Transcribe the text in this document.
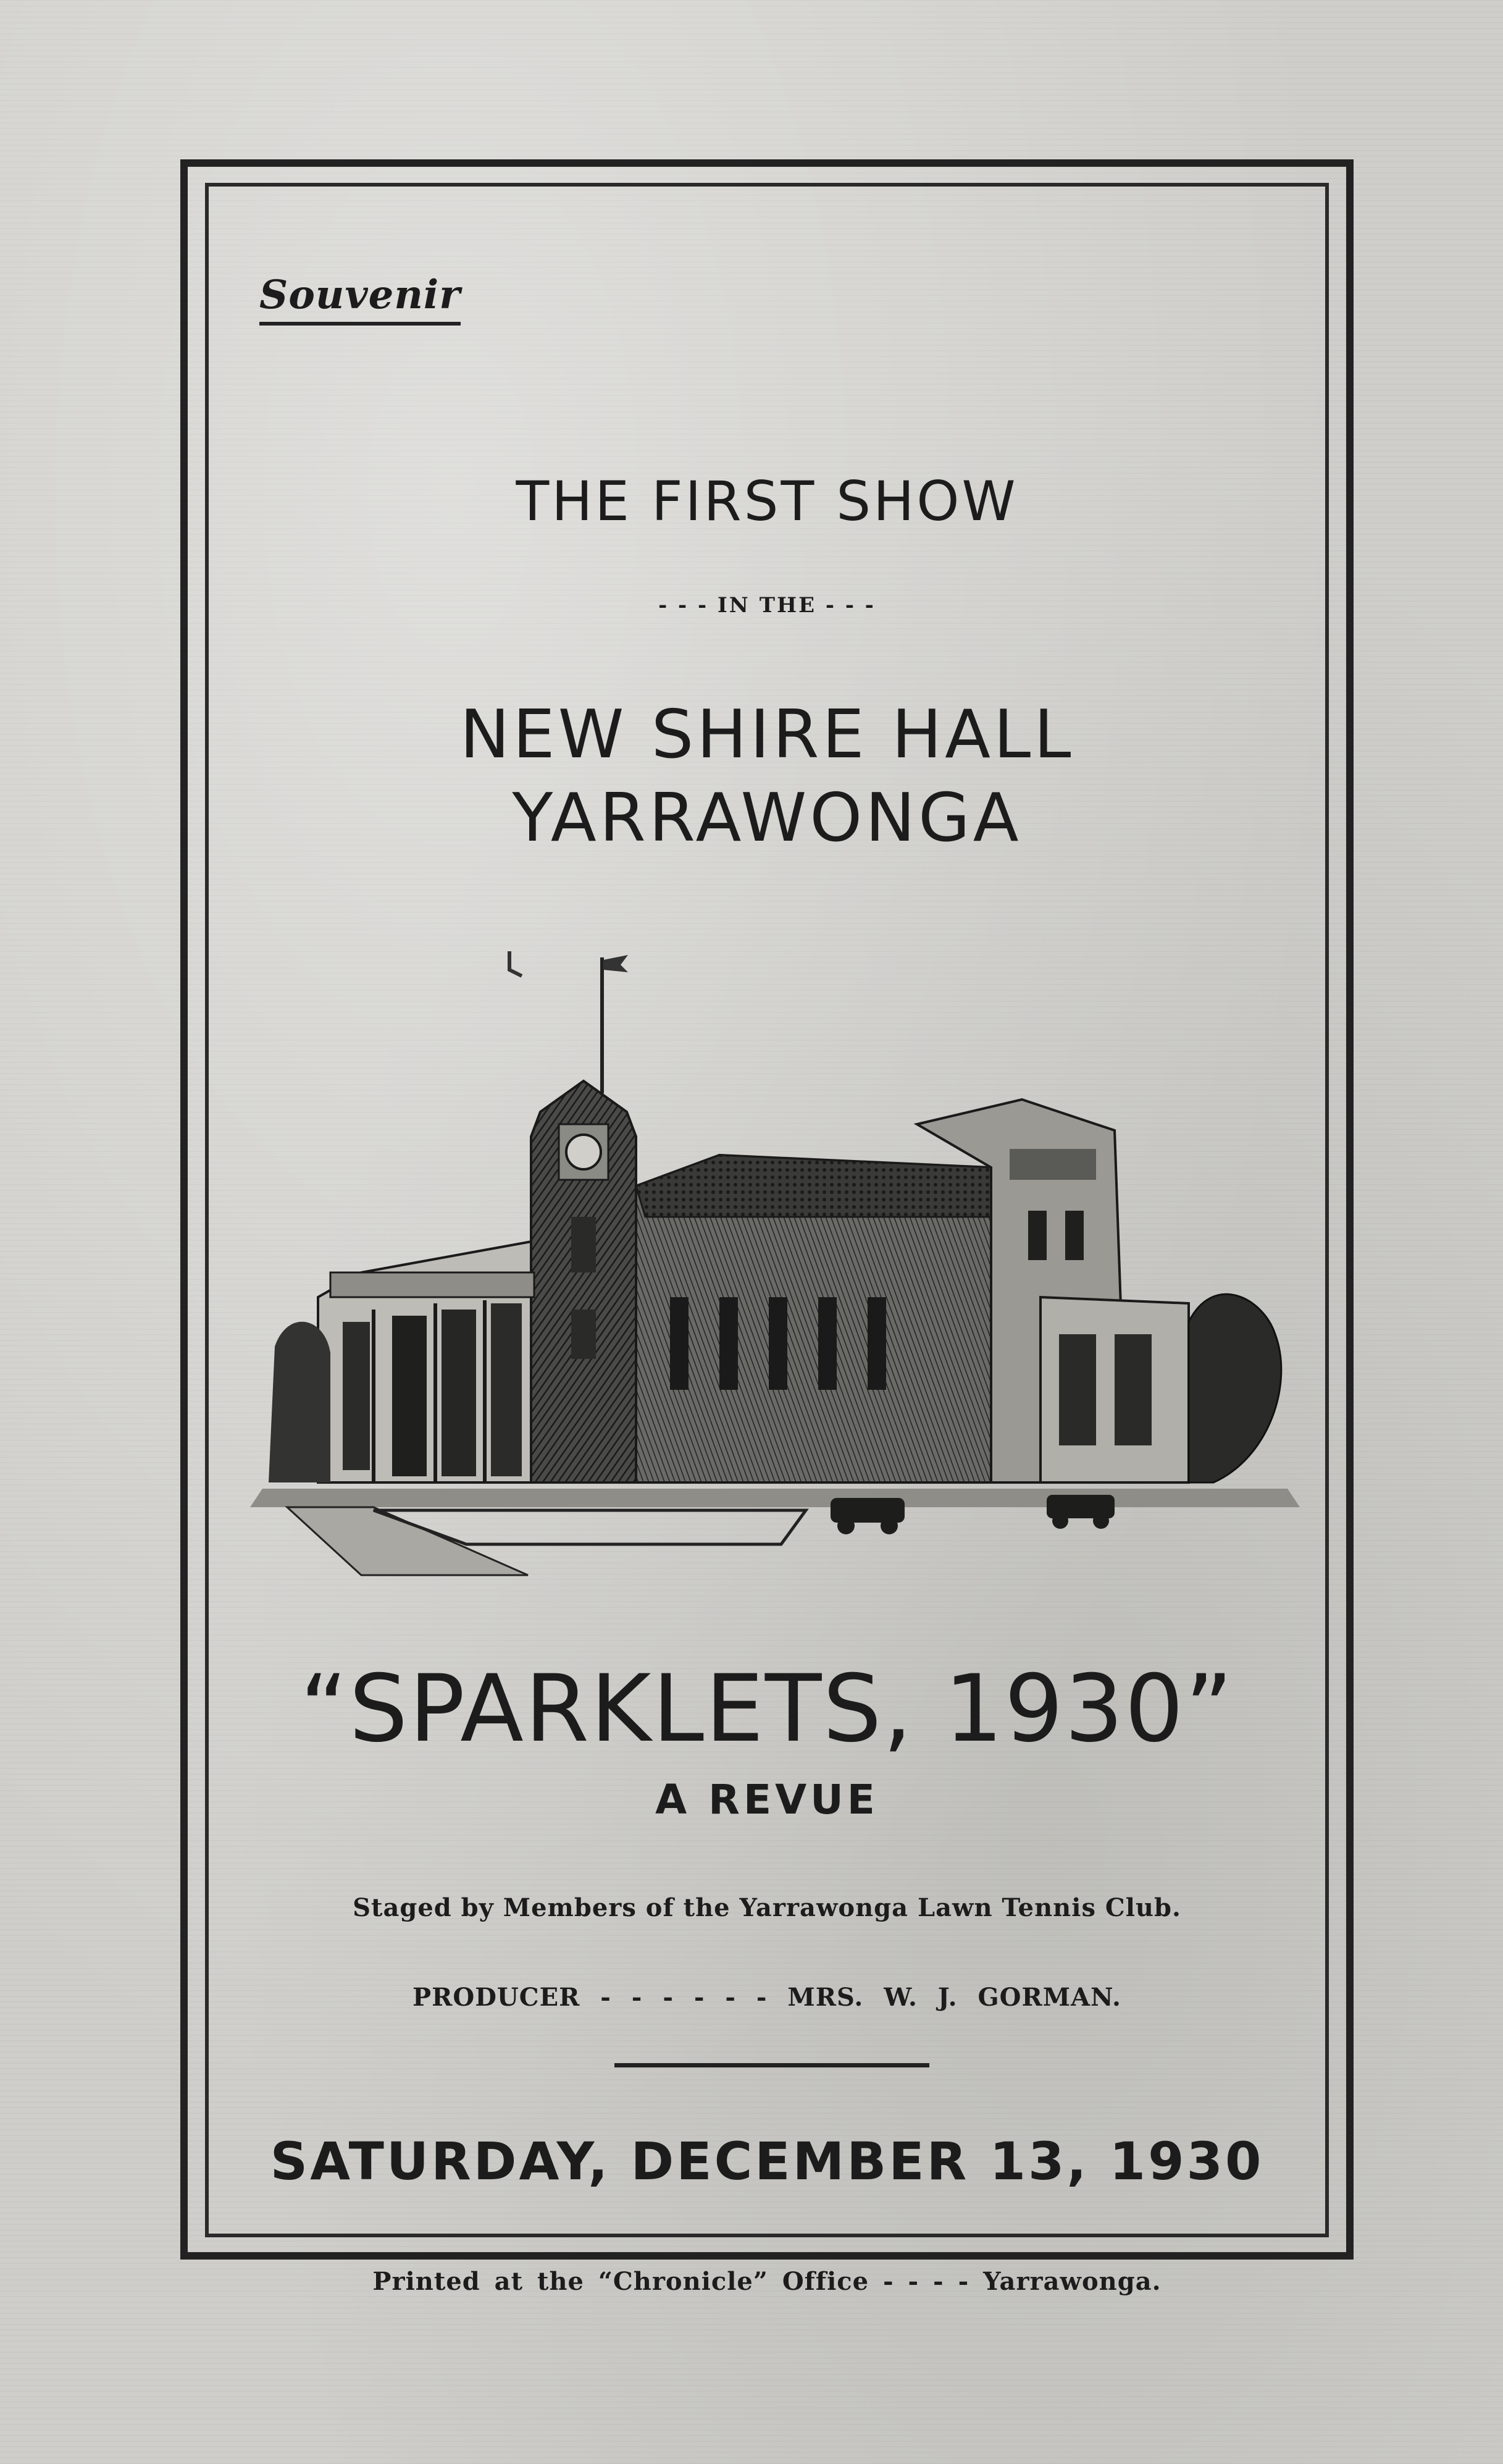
Souvenir
THE FIRST SHOW
- - - IN THE - - -
NEW SHIRE HALL
YARRAWONGA
“SPARKLETS, 1930”
A REVUE
Staged by Members of the Yarrawonga Lawn Tennis Club.
PRODUCER - - - - - - MRS. W. J. GORMAN.
SATURDAY, DECEMBER 13, 1930
Printed at the “Chronicle” Office - - - - Yarrawonga.
